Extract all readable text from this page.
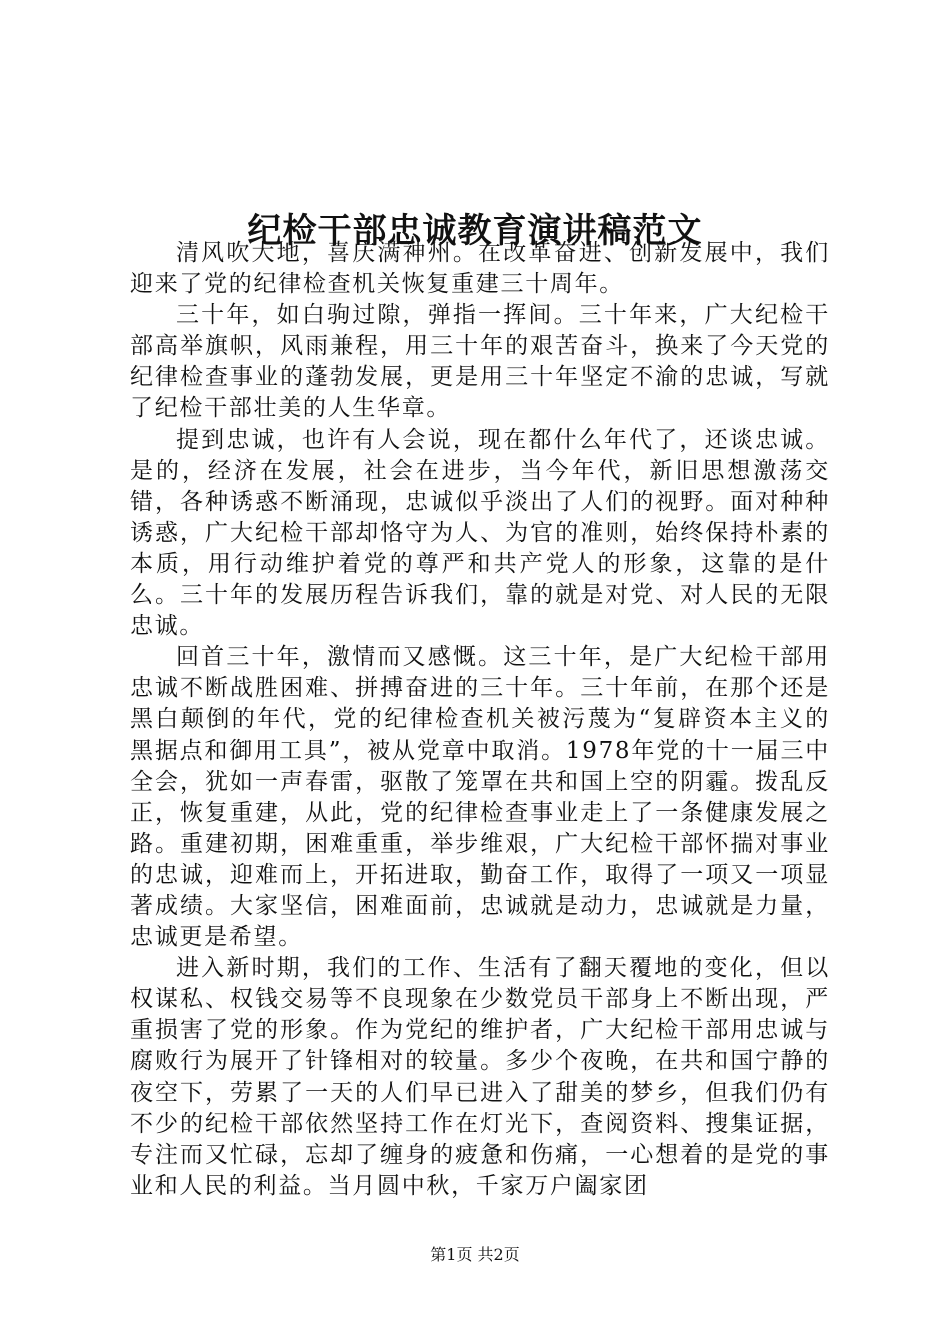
纪检干部忠诚教育演讲稿范文

清风吹大地，喜庆满神州。在改革奋进、创新发展中，我们迎来了党的纪律检查机关恢复重建三十周年。

三十年，如白驹过隙，弹指一挥间。三十年来，广大纪检干部高举旗帜，风雨兼程，用三十年的艰苦奋斗，换来了今天党的纪律检查事业的蓬勃发展，更是用三十年坚定不渝的忠诚，写就了纪检干部壮美的人生华章。

提到忠诚，也许有人会说，现在都什么年代了，还谈忠诚。是的，经济在发展，社会在进步，当今年代，新旧思想激荡交错，各种诱惑不断涌现，忠诚似乎淡出了人们的视野。面对种种诱惑，广大纪检干部却恪守为人、为官的准则，始终保持朴素的本质，用行动维护着党的尊严和共产党人的形象，这靠的是什么。三十年的发展历程告诉我们，靠的就是对党、对人民的无限忠诚。

回首三十年，激情而又感慨。这三十年，是广大纪检干部用忠诚不断战胜困难、拼搏奋进的三十年。三十年前，在那个还是黑白颠倒的年代，党的纪律检查机关被污蔑为“复辟资本主义的黑据点和御用工具”，被从党章中取消。1978年党的十一届三中全会，犹如一声春雷，驱散了笼罩在共和国上空的阴霾。拨乱反正，恢复重建，从此，党的纪律检查事业走上了一条健康发展之路。重建初期，困难重重，举步维艰，广大纪检干部怀揣对事业的忠诚，迎难而上，开拓进取，勤奋工作，取得了一项又一项显著成绩。大家坚信，困难面前，忠诚就是动力，忠诚就是力量，忠诚更是希望。

进入新时期，我们的工作、生活有了翻天覆地的变化，但以权谋私、权钱交易等不良现象在少数党员干部身上不断出现，严重损害了党的形象。作为党纪的维护者，广大纪检干部用忠诚与腐败行为展开了针锋相对的较量。多少个夜晚，在共和国宁静的夜空下，劳累了一天的人们早已进入了甜美的梦乡，但我们仍有不少的纪检干部依然坚持工作在灯光下，查阅资料、搜集证据，专注而又忙碌，忘却了缠身的疲惫和伤痛，一心想着的是党的事业和人民的利益。当月圆中秋，千家万户阖家团

第1页 共2页
